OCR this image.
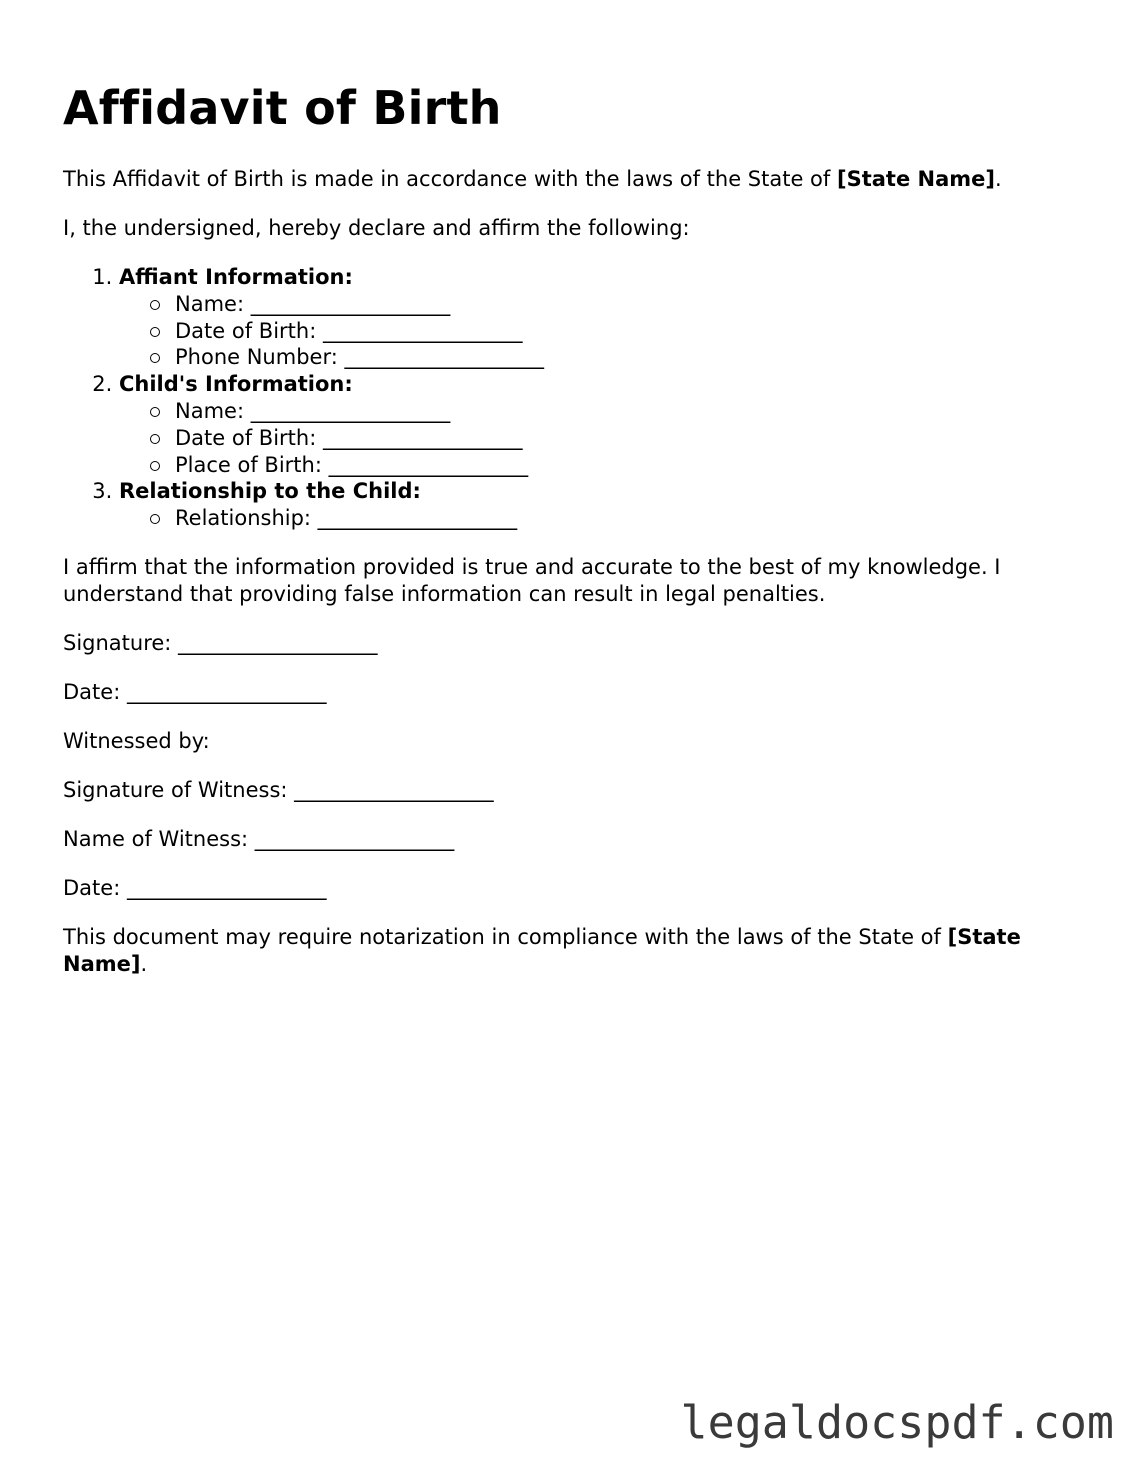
Affidavit of Birth

This Affidavit of Birth is made in accordance with the laws of the State of [State Name].

I, the undersigned, hereby declare and affirm the following:

1. Affiant Information:
Name: ___________________
Date of Birth: ___________________
Phone Number: ___________________
2. Child's Information:
Name: ___________________
Date of Birth: ___________________
Place of Birth: ___________________
3. Relationship to the Child:
Relationship: ___________________

I affirm that the information provided is true and accurate to the best of my knowledge. I understand that providing false information can result in legal penalties.

Signature: ___________________

Date: ___________________

Witnessed by:

Signature of Witness: ___________________

Name of Witness: ___________________

Date: ___________________

This document may require notarization in compliance with the laws of the State of [State Name].

legaldocspdf.com
